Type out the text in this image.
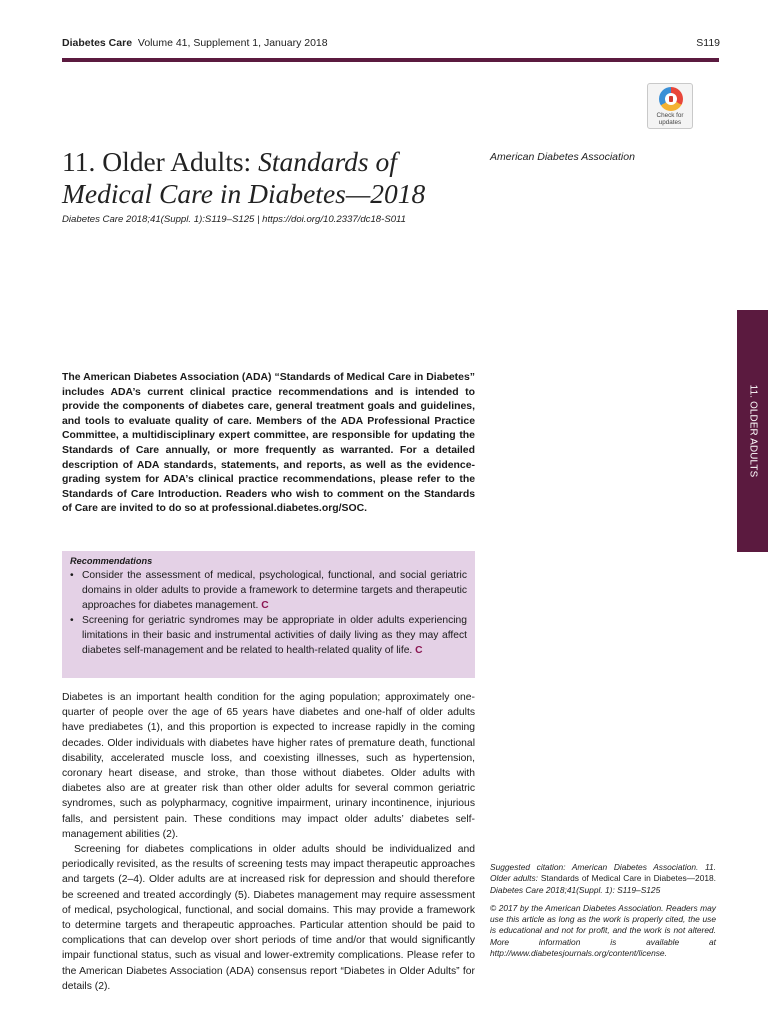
Diabetes Care Volume 41, Supplement 1, January 2018	S119
Check for
updates
11. Older Adults: Standards of Medical Care in Diabetes—2018
Diabetes Care 2018;41(Suppl. 1):S119–S125 | https://doi.org/10.2337/dc18-S011
American Diabetes Association
11. OLDER ADULTS

The American Diabetes Association (ADA) “Standards of Medical Care in Diabetes” includes ADA’s current clinical practice recommendations and is intended to provide the components of diabetes care, general treatment goals and guidelines, and tools to evaluate quality of care. Members of the ADA Professional Practice Committee, a multidisciplinary expert committee, are responsible for updating the Standards of Care annually, or more frequently as warranted. For a detailed description of ADA standards, statements, and reports, as well as the evidence-grading system for ADA’s clinical practice recommendations, please refer to the Standards of Care Introduction. Readers who wish to comment on the Standards of Care are invited to do so at professional.diabetes.org/SOC.

Recommendations
• Consider the assessment of medical, psychological, functional, and social geriatric domains in older adults to provide a framework to determine targets and therapeutic approaches for diabetes management. C
• Screening for geriatric syndromes may be appropriate in older adults experiencing limitations in their basic and instrumental activities of daily living as they may affect diabetes self-management and be related to health-related quality of life. C

Diabetes is an important health condition for the aging population; approximately one-quarter of people over the age of 65 years have diabetes and one-half of older adults have prediabetes (1), and this proportion is expected to increase rapidly in the coming decades. Older individuals with diabetes have higher rates of premature death, functional disability, accelerated muscle loss, and coexisting illnesses, such as hypertension, coronary heart disease, and stroke, than those without diabetes. Older adults with diabetes also are at greater risk than other older adults for several common geriatric syndromes, such as polypharmacy, cognitive impairment, urinary incontinence, injurious falls, and persistent pain. These conditions may impact older adults’ diabetes self-management abilities (2).

Screening for diabetes complications in older adults should be individualized and periodically revisited, as the results of screening tests may impact therapeutic approaches and targets (2–4). Older adults are at increased risk for depression and should therefore be screened and treated accordingly (5). Diabetes management may require assessment of medical, psychological, functional, and social domains. This may provide a framework to determine targets and therapeutic approaches. Particular attention should be paid to complications that can develop over short periods of time and/or that would significantly impair functional status, such as visual and lower-extremity complications. Please refer to the American Diabetes Association (ADA) consensus report “Diabetes in Older Adults” for details (2).

Suggested citation: American Diabetes Association. 11. Older adults: Standards of Medical Care in Diabetes—2018. Diabetes Care 2018;41(Suppl. 1): S119–S125

© 2017 by the American Diabetes Association. Readers may use this article as long as the work is properly cited, the use is educational and not for profit, and the work is not altered. More information is available at http://www.diabetesjournals.org/content/license.
